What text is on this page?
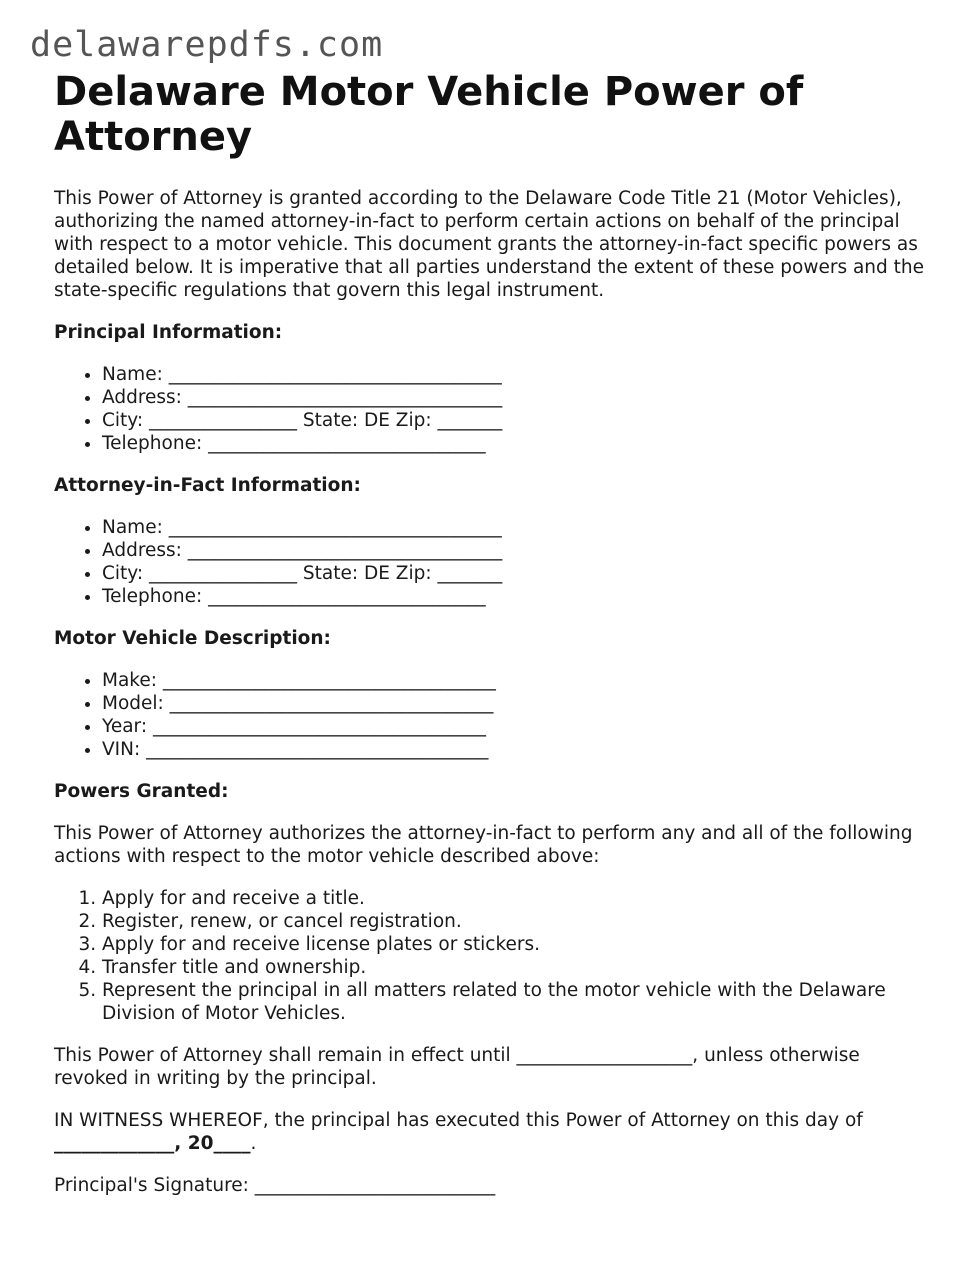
delawarepdfs.com
Delaware Motor Vehicle Power of Attorney

This Power of Attorney is granted according to the Delaware Code Title 21 (Motor Vehicles), authorizing the named attorney-in-fact to perform certain actions on behalf of the principal with respect to a motor vehicle. This document grants the attorney-in-fact specific powers as detailed below. It is imperative that all parties understand the extent of these powers and the state-specific regulations that govern this legal instrument.

Principal Information:
• Name: ____________________________________
• Address: __________________________________
• City: ________________ State: DE Zip: _______
• Telephone: ______________________________
Attorney-in-Fact Information:
• Name: ____________________________________
• Address: __________________________________
• City: ________________ State: DE Zip: _______
• Telephone: ______________________________
Motor Vehicle Description:
• Make: ____________________________________
• Model: ___________________________________
• Year: ____________________________________
• VIN: _____________________________________
Powers Granted:

This Power of Attorney authorizes the attorney-in-fact to perform any and all of the following actions with respect to the motor vehicle described above:

1. Apply for and receive a title.
2. Register, renew, or cancel registration.
3. Apply for and receive license plates or stickers.
4. Transfer title and ownership.
5. Represent the principal in all matters related to the motor vehicle with the Delaware Division of Motor Vehicles.

This Power of Attorney shall remain in effect until ___________________, unless otherwise revoked in writing by the principal.

IN WITNESS WHEREOF, the principal has executed this Power of Attorney on this day of _____________, 20____.

Principal's Signature: __________________________
